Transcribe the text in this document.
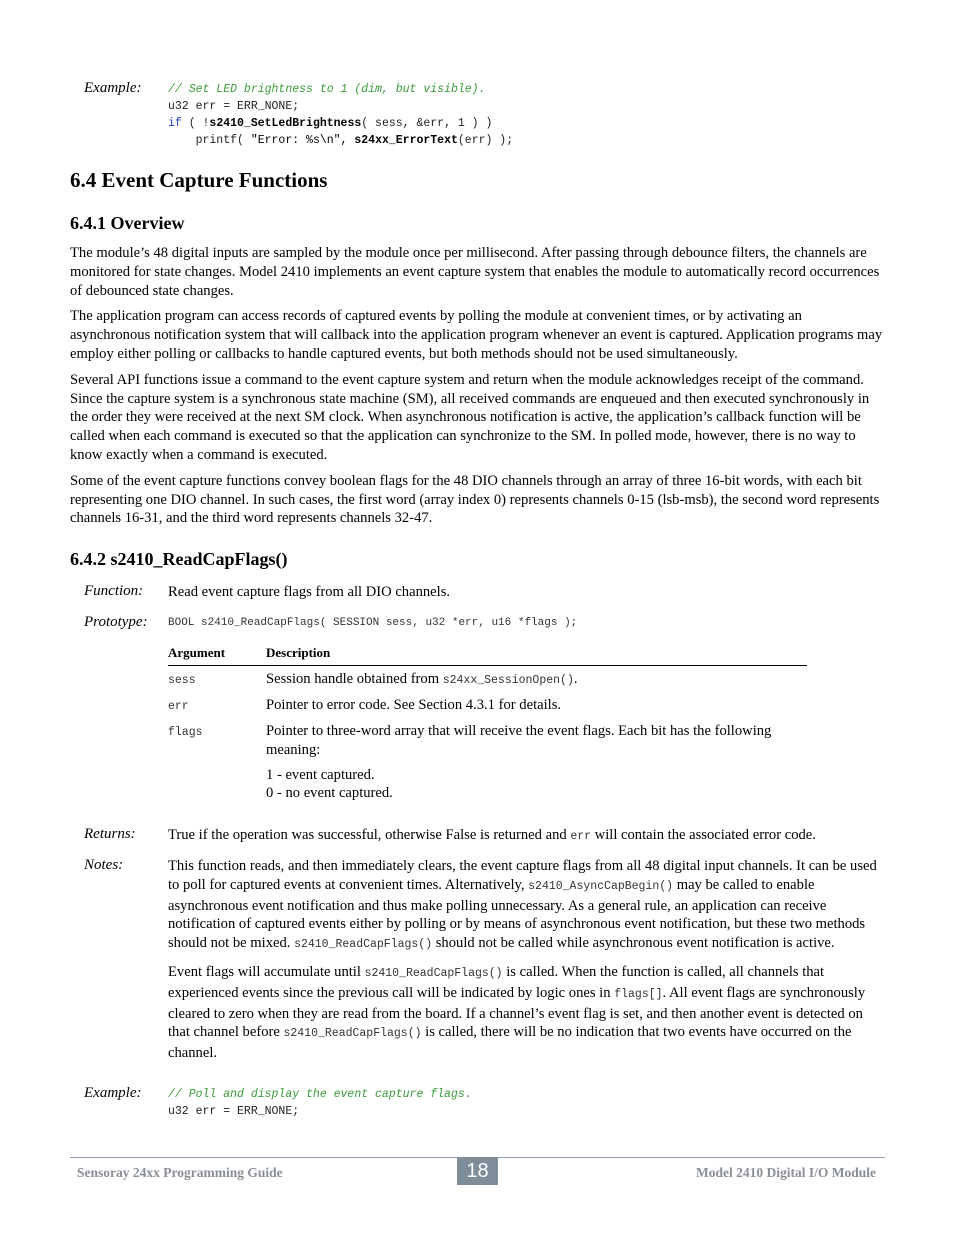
Example: // Set LED brightness to 1 (dim, but visible).
u32 err = ERR_NONE;
if ( !s2410_SetLedBrightness( sess, &err, 1 ) )
printf( "Error: %s\n", s24xx_ErrorText(err) );
6.4 Event Capture Functions
6.4.1 Overview

The module’s 48 digital inputs are sampled by the module once per millisecond. After passing through debounce filters, the channels are monitored for state changes. Model 2410 implements an event capture system that enables the module to automatically record occurrences of debounced state changes.

The application program can access records of captured events by polling the module at convenient times, or by activating an asynchronous notification system that will callback into the application program whenever an event is captured. Application programs may employ either polling or callbacks to handle captured events, but both methods should not be used simultaneously.

Several API functions issue a command to the event capture system and return when the module acknowledges receipt of the command. Since the capture system is a synchronous state machine (SM), all received commands are enqueued and then executed synchronously in the order they were received at the next SM clock. When asynchronous notification is active, the application’s callback function will be called when each command is executed so that the application can synchronize to the SM. In polled mode, however, there is no way to know exactly when a command is executed.

Some of the event capture functions convey boolean flags for the 48 DIO channels through an array of three 16-bit words, with each bit representing one DIO channel. In such cases, the first word (array index 0) represents channels 0-15 (lsb-msb), the second word represents channels 16-31, and the third word represents channels 32-47.

6.4.2 s2410_ReadCapFlags()
Function: Read event capture flags from all DIO channels.
Prototype: BOOL s2410_ReadCapFlags( SESSION sess, u32 *err, u16 *flags );
Argument	Description
sess	Session handle obtained from s24xx_SessionOpen().
err	Pointer to error code. See Section 4.3.1 for details.
flags	Pointer to three-word array that will receive the event flags. Each bit has the following meaning:
1 - event captured.
0 - no event captured.
Returns: True if the operation was successful, otherwise False is returned and err will contain the associated error code.
Notes:	This function reads, and then immediately clears, the event capture flags from all 48 digital input channels. It can be used to poll for captured events at convenient times. Alternatively, s2410_AsyncCapBegin() may be called to enable asynchronous event notification and thus make polling unnecessary. As a general rule, an application can receive notification of captured events either by polling or by means of asynchronous event notification, but these two methods should not be mixed. s2410_ReadCapFlags() should not be called while asynchronous event notification is active.

Event flags will accumulate until s2410_ReadCapFlags() is called. When the function is called, all channels that experienced events since the previous call will be indicated by logic ones in flags[]. All event flags are synchronously cleared to zero when they are read from the board. If a channel’s event flag is set, and then another event is detected on that channel before s2410_ReadCapFlags() is called, there will be no indication that two events have occurred on the channel.

Example: // Poll and display the event capture flags.
u32 err = ERR_NONE;
Sensoray 24xx Programming Guide	18	Model 2410 Digital I/O Module
